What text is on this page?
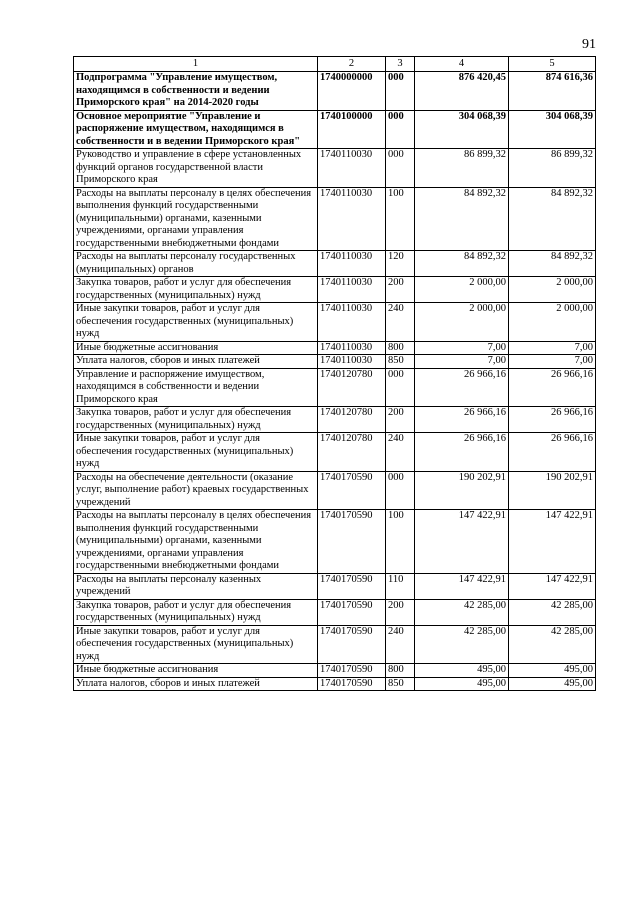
91
1	2	3	4	5
Подпрограмма "Управление имуществом, находящимся в собственности и ведении Приморского края" на 2014-2020 годы	1740000000	000	876 420,45	874 616,36
Основное мероприятие "Управление и распоряжение имуществом, находящимся в собственности и в ведении Приморского края"	1740100000	000	304 068,39	304 068,39
Руководство и управление в сфере установленных функций органов государственной власти Приморского края	1740110030	000	86 899,32	86 899,32
Расходы на выплаты персоналу в целях обеспечения выполнения функций государственными (муниципальными) органами, казенными учреждениями, органами управления государственными внебюджетными фондами	1740110030	100	84 892,32	84 892,32
Расходы на выплаты персоналу государственных (муниципальных) органов	1740110030	120	84 892,32	84 892,32
Закупка товаров, работ и услуг для обеспечения государственных (муниципальных) нужд	1740110030	200	2 000,00	2 000,00
Иные закупки товаров, работ и услуг для обеспечения государственных (муниципальных) нужд	1740110030	240	2 000,00	2 000,00
Иные бюджетные ассигнования	1740110030	800	7,00	7,00
Уплата налогов, сборов и иных платежей	1740110030	850	7,00	7,00
Управление и распоряжение имуществом, находящимся в собственности и ведении Приморского края	1740120780	000	26 966,16	26 966,16
Закупка товаров, работ и услуг для обеспечения государственных (муниципальных) нужд	1740120780	200	26 966,16	26 966,16
Иные закупки товаров, работ и услуг для обеспечения государственных (муниципальных) нужд	1740120780	240	26 966,16	26 966,16
Расходы на обеспечение деятельности (оказание услуг, выполнение работ) краевых государственных учреждений	1740170590	000	190 202,91	190 202,91
Расходы на выплаты персоналу в целях обеспечения выполнения функций государственными (муниципальными) органами, казенными учреждениями, органами управления государственными внебюджетными фондами	1740170590	100	147 422,91	147 422,91
Расходы на выплаты персоналу казенных учреждений	1740170590	110	147 422,91	147 422,91
Закупка товаров, работ и услуг для обеспечения государственных (муниципальных) нужд	1740170590	200	42 285,00	42 285,00
Иные закупки товаров, работ и услуг для обеспечения государственных (муниципальных) нужд	1740170590	240	42 285,00	42 285,00
Иные бюджетные ассигнования	1740170590	800	495,00	495,00
Уплата налогов, сборов и иных платежей	1740170590	850	495,00	495,00
